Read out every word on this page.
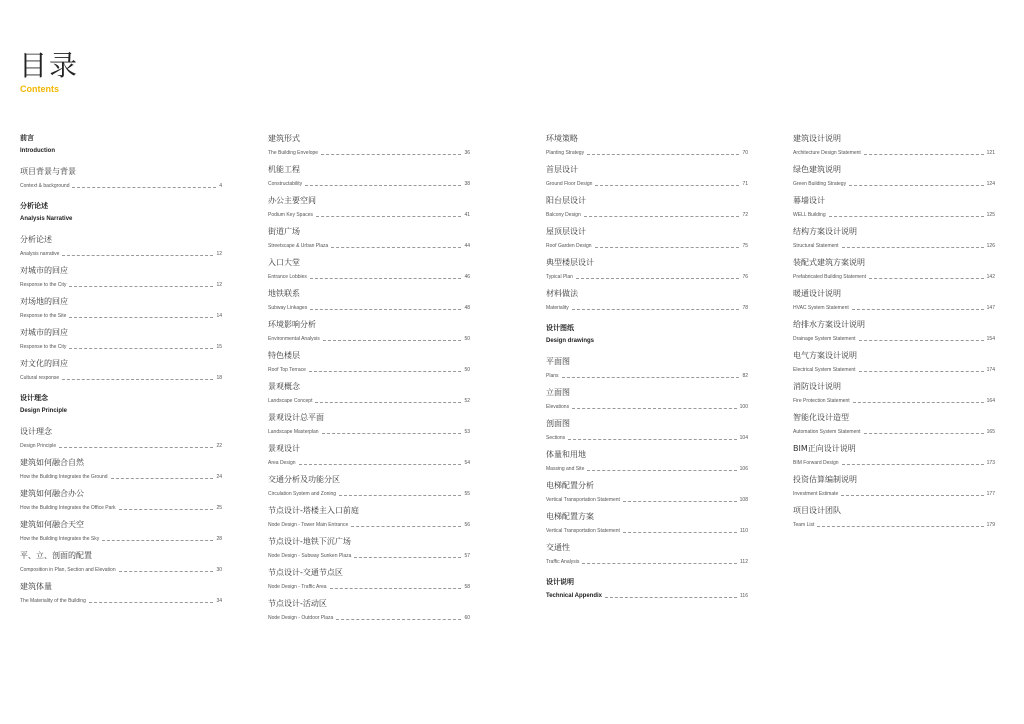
目录
Contents
前言
Introduction
项目背景与背景
Context & background	4
分析论述
Analysis Narrative
分析论述
Analysis narrative	12
对城市的回应
Response to the City	12
对场地的回应
Response to the Site	14
对城市的回应
Response to the City	15
对文化的回应
Cultural response	18
设计理念
Design Principle
设计理念
Design Principle	22
建筑如何融合自然
How the Building Integrates the Ground	24
建筑如何融合办公
How the Building Integrates the Office Park	25
建筑如何融合天空
How the Building Integrates the Sky	28
平、立、剖面的配置
Composition in Plan, Section and Elevation	30
建筑体量
The Materiality of the Building	34
建筑形式
The Building Envelope	36
机能工程
Constructability	38
办公主要空间
Podium Key Spaces	41
街道广场
Streetscape & Urban Plaza	44
入口大堂
Entrance Lobbies	46
地铁联系
Subway Linkages	48
环境影响分析
Environmental Analysis	50
特色楼层
Roof Top Terrace	50
景观概念
Landscape Concept	52
景观设计总平面
Landscape Masterplan	53
景观设计
Area Design	54
交通分析及功能分区
Circulation System and Zoning	55
节点设计-塔楼主入口前庭
Node Design - Tower Main Entrance	56
节点设计-地铁下沉广场
Node Design - Subway Sunken Plaza	57
节点设计-交通节点区
Node Design - Traffic Area	58
节点设计-活动区
Node Design - Outdoor Plaza	60
环境策略
Planting Strategy	70
首层设计
Ground Floor Design	71
阳台层设计
Balcony Design	72
屋顶层设计
Roof Garden Design	75
典型楼层设计
Typical Plan	76
材料做法
Materiality	78
设计图纸
Design drawings
平面图
Plans	82
立面图
Elevations	100
剖面图
Sections	104
体量和用地
Massing and Site	106
电梯配置分析
Vertical Transportation Statement	108
电梯配置方案
Vertical Transportation Statement	110
交通性
Traffic Analysis	112
设计说明
Technical Appendix	116
建筑设计说明
Architecture Design Statement	121
绿色建筑说明
Green Building Strategy	124
幕墙设计
WELL Building	125
结构方案设计说明
Structural Statement	126
装配式建筑方案说明
Prefabricated Building Statement	142
暖通设计说明
HVAC System Statement	147
给排水方案设计说明
Drainage System Statement	154
电气方案设计说明
Electrical System Statement	174
消防设计说明
Fire Protection Statement	164
智能化设计造型
Automation System Statement	165
BIM正向设计说明
BIM Forward Design	173
投资估算编制说明
Investment Estimate	177
项目设计团队
Team List	179
